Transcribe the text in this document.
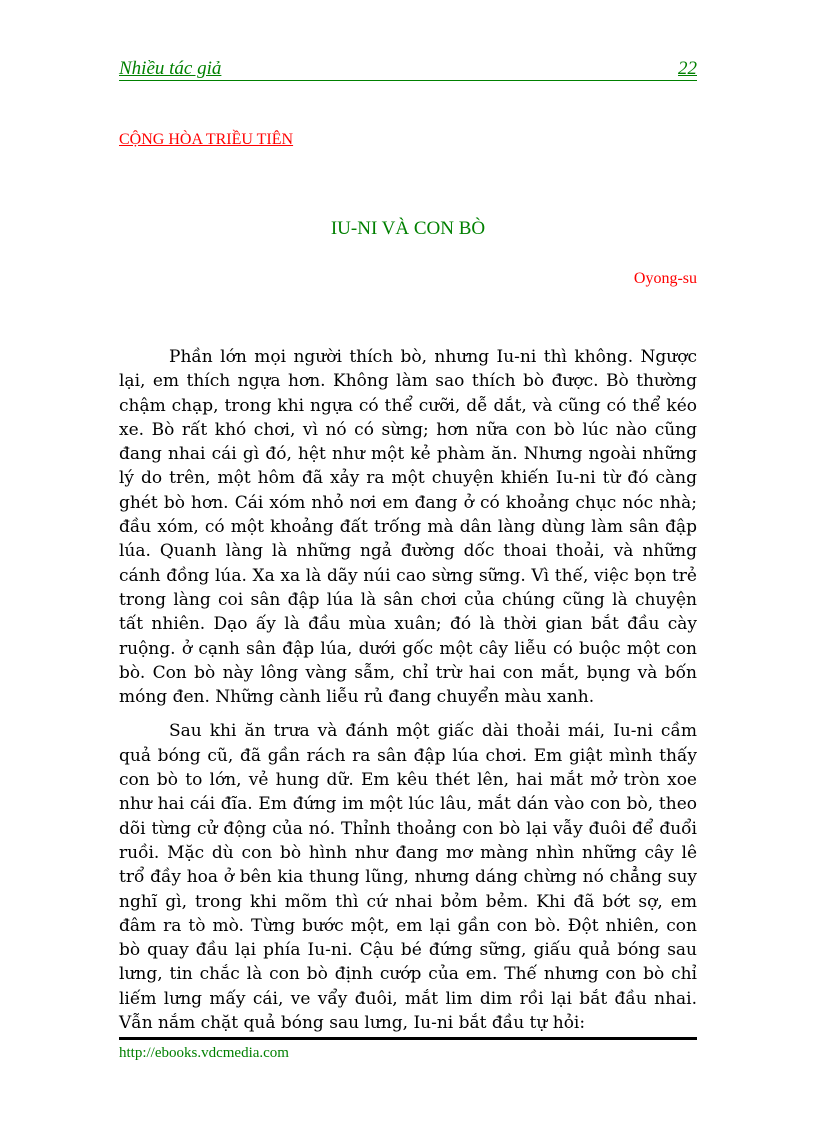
Nhiều tác giả	22
CỘNG HÒA TRIỀU TIÊN
IU-NI VÀ CON BÒ
Oyong-su

Phần lớn mọi người thích bò, nhưng Iu-ni thì không. Ngược lại, em thích ngựa hơn. Không làm sao thích bò được. Bò thường chậm chạp, trong khi ngựa có thể cưỡi, dễ dắt, và cũng có thể kéo xe. Bò rất khó chơi, vì nó có sừng; hơn nữa con bò lúc nào cũng đang nhai cái gì đó, hệt như một kẻ phàm ăn. Nhưng ngoài những lý do trên, một hôm đã xảy ra một chuyện khiến Iu-ni từ đó càng ghét bò hơn. Cái xóm nhỏ nơi em đang ở có khoảng chục nóc nhà; đầu xóm, có một khoảng đất trống mà dân làng dùng làm sân đập lúa. Quanh làng là những ngả đường dốc thoai thoải, và những cánh đồng lúa. Xa xa là dãy núi cao sừng sững. Vì thế, việc bọn trẻ trong làng coi sân đập lúa là sân chơi của chúng cũng là chuyện tất nhiên. Dạo ấy là đầu mùa xuân; đó là thời gian bắt đầu cày ruộng. ở cạnh sân đập lúa, dưới gốc một cây liễu có buộc một con bò. Con bò này lông vàng sẫm, chỉ trừ hai con mắt, bụng và bốn móng đen. Những cành liễu rủ đang chuyển màu xanh.

Sau khi ăn trưa và đánh một giấc dài thoải mái, Iu-ni cầm quả bóng cũ, đã gần rách ra sân đập lúa chơi. Em giật mình thấy con bò to lớn, vẻ hung dữ. Em kêu thét lên, hai mắt mở tròn xoe như hai cái đĩa. Em đứng im một lúc lâu, mắt dán vào con bò, theo dõi từng cử động của nó. Thỉnh thoảng con bò lại vẫy đuôi để đuổi ruồi. Mặc dù con bò hình như đang mơ màng nhìn những cây lê trổ đầy hoa ở bên kia thung lũng, nhưng dáng chừng nó chẳng suy nghĩ gì, trong khi mõm thì cứ nhai bỏm bẻm. Khi đã bớt sợ, em đâm ra tò mò. Từng bước một, em lại gần con bò. Đột nhiên, con bò quay đầu lại phía Iu-ni. Cậu bé đứng sững, giấu quả bóng sau lưng, tin chắc là con bò định cướp của em. Thế nhưng con bò chỉ liếm lưng mấy cái, ve vẩy đuôi, mắt lim dim rồi lại bắt đầu nhai. Vẫn nắm chặt quả bóng sau lưng, Iu-ni bắt đầu tự hỏi:

http://ebooks.vdcmedia.com
